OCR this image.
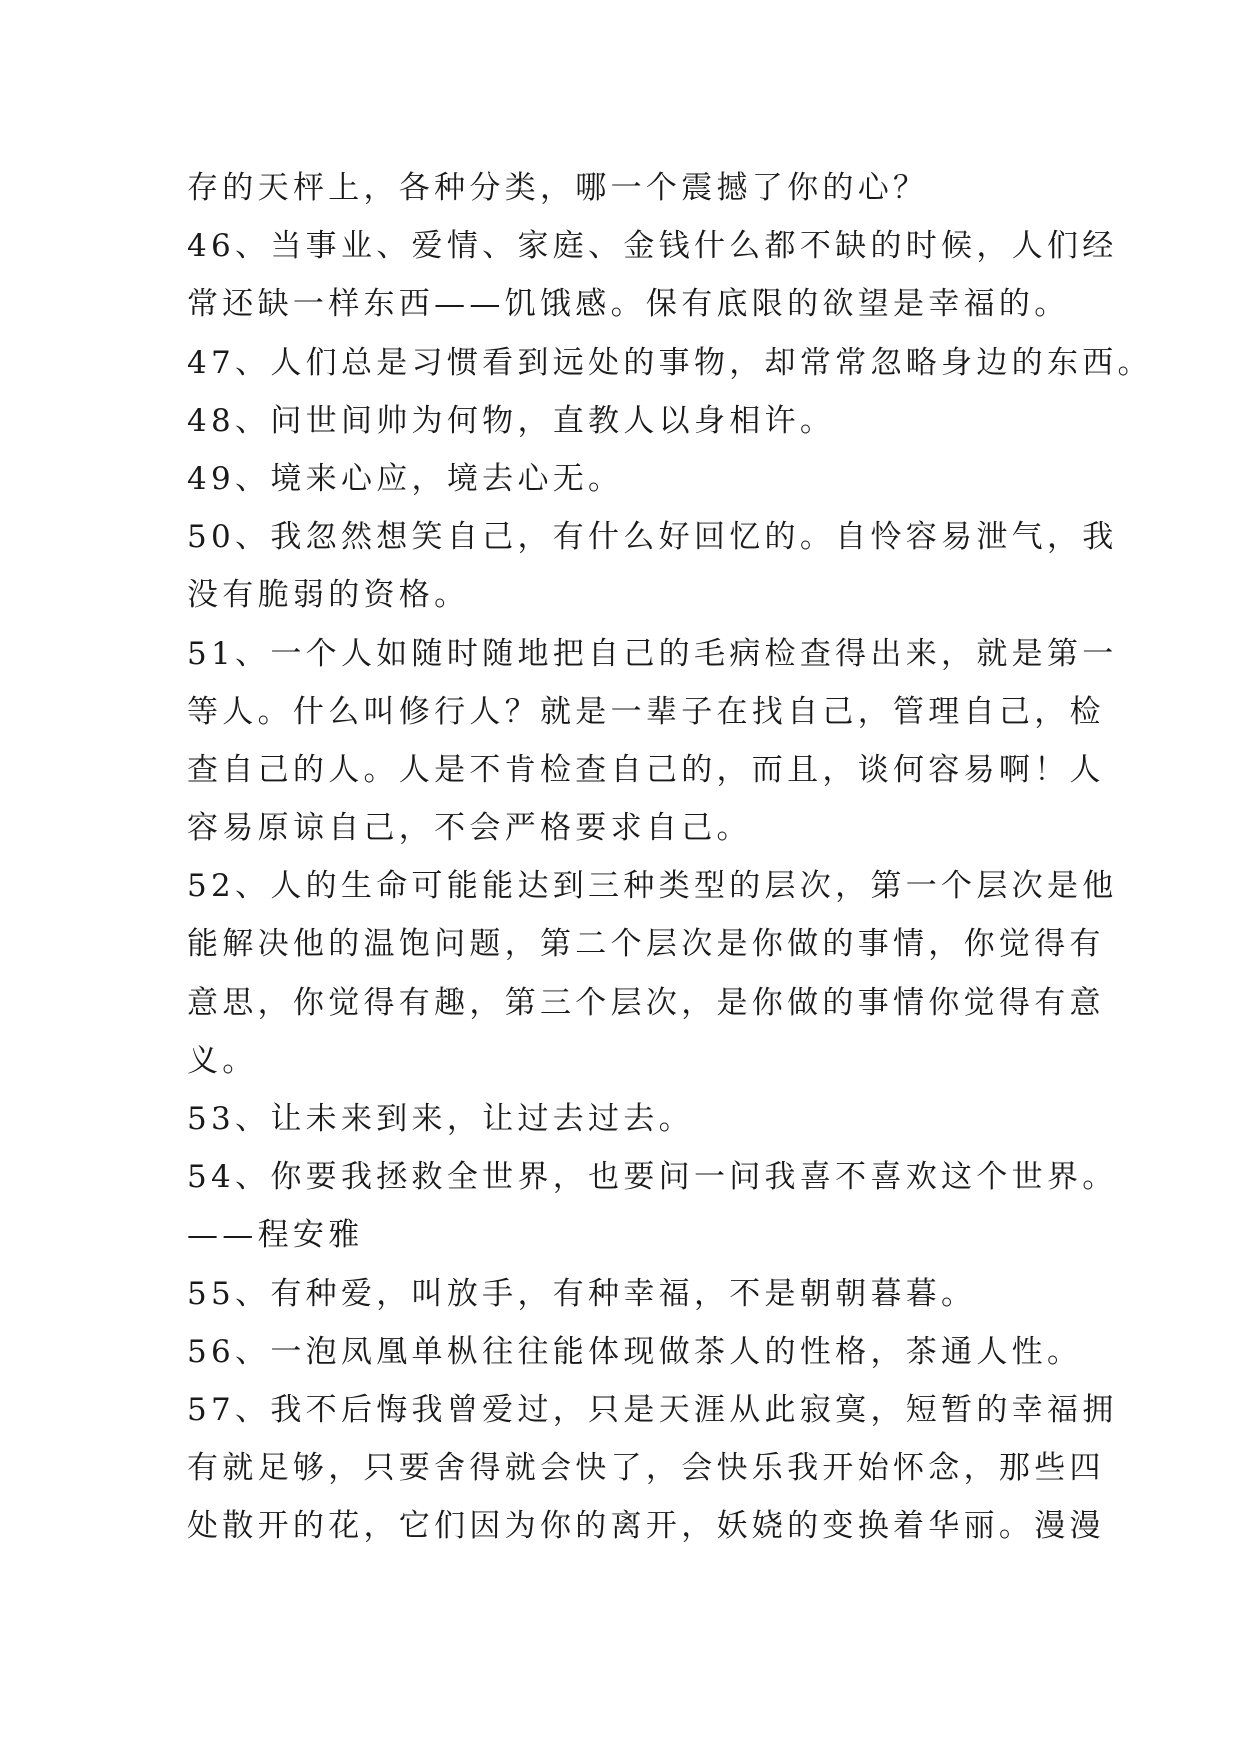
存的天枰上，各种分类，哪一个震撼了你的心？
46、当事业、爱情、家庭、金钱什么都不缺的时候，人们经
常还缺一样东西——饥饿感。保有底限的欲望是幸福的。
47、人们总是习惯看到远处的事物，却常常忽略身边的东西。
48、问世间帅为何物，直教人以身相许。
49、境来心应，境去心无。
50、我忽然想笑自己，有什么好回忆的。自怜容易泄气，我
没有脆弱的资格。
51、一个人如随时随地把自己的毛病检查得出来，就是第一
等人。什么叫修行人？就是一辈子在找自己，管理自己，检
查自己的人。人是不肯检查自己的，而且，谈何容易啊！人
容易原谅自己，不会严格要求自己。
52、人的生命可能能达到三种类型的层次，第一个层次是他
能解决他的温饱问题，第二个层次是你做的事情，你觉得有
意思，你觉得有趣，第三个层次，是你做的事情你觉得有意
义。
53、让未来到来，让过去过去。
54、你要我拯救全世界，也要问一问我喜不喜欢这个世界。
——程安雅
55、有种爱，叫放手，有种幸福，不是朝朝暮暮。
56、一泡凤凰单枞往往能体现做茶人的性格，茶通人性。
57、我不后悔我曾爱过，只是天涯从此寂寞，短暂的幸福拥
有就足够，只要舍得就会快了，会快乐我开始怀念，那些四
处散开的花，它们因为你的离开，妖娆的变换着华丽。漫漫
